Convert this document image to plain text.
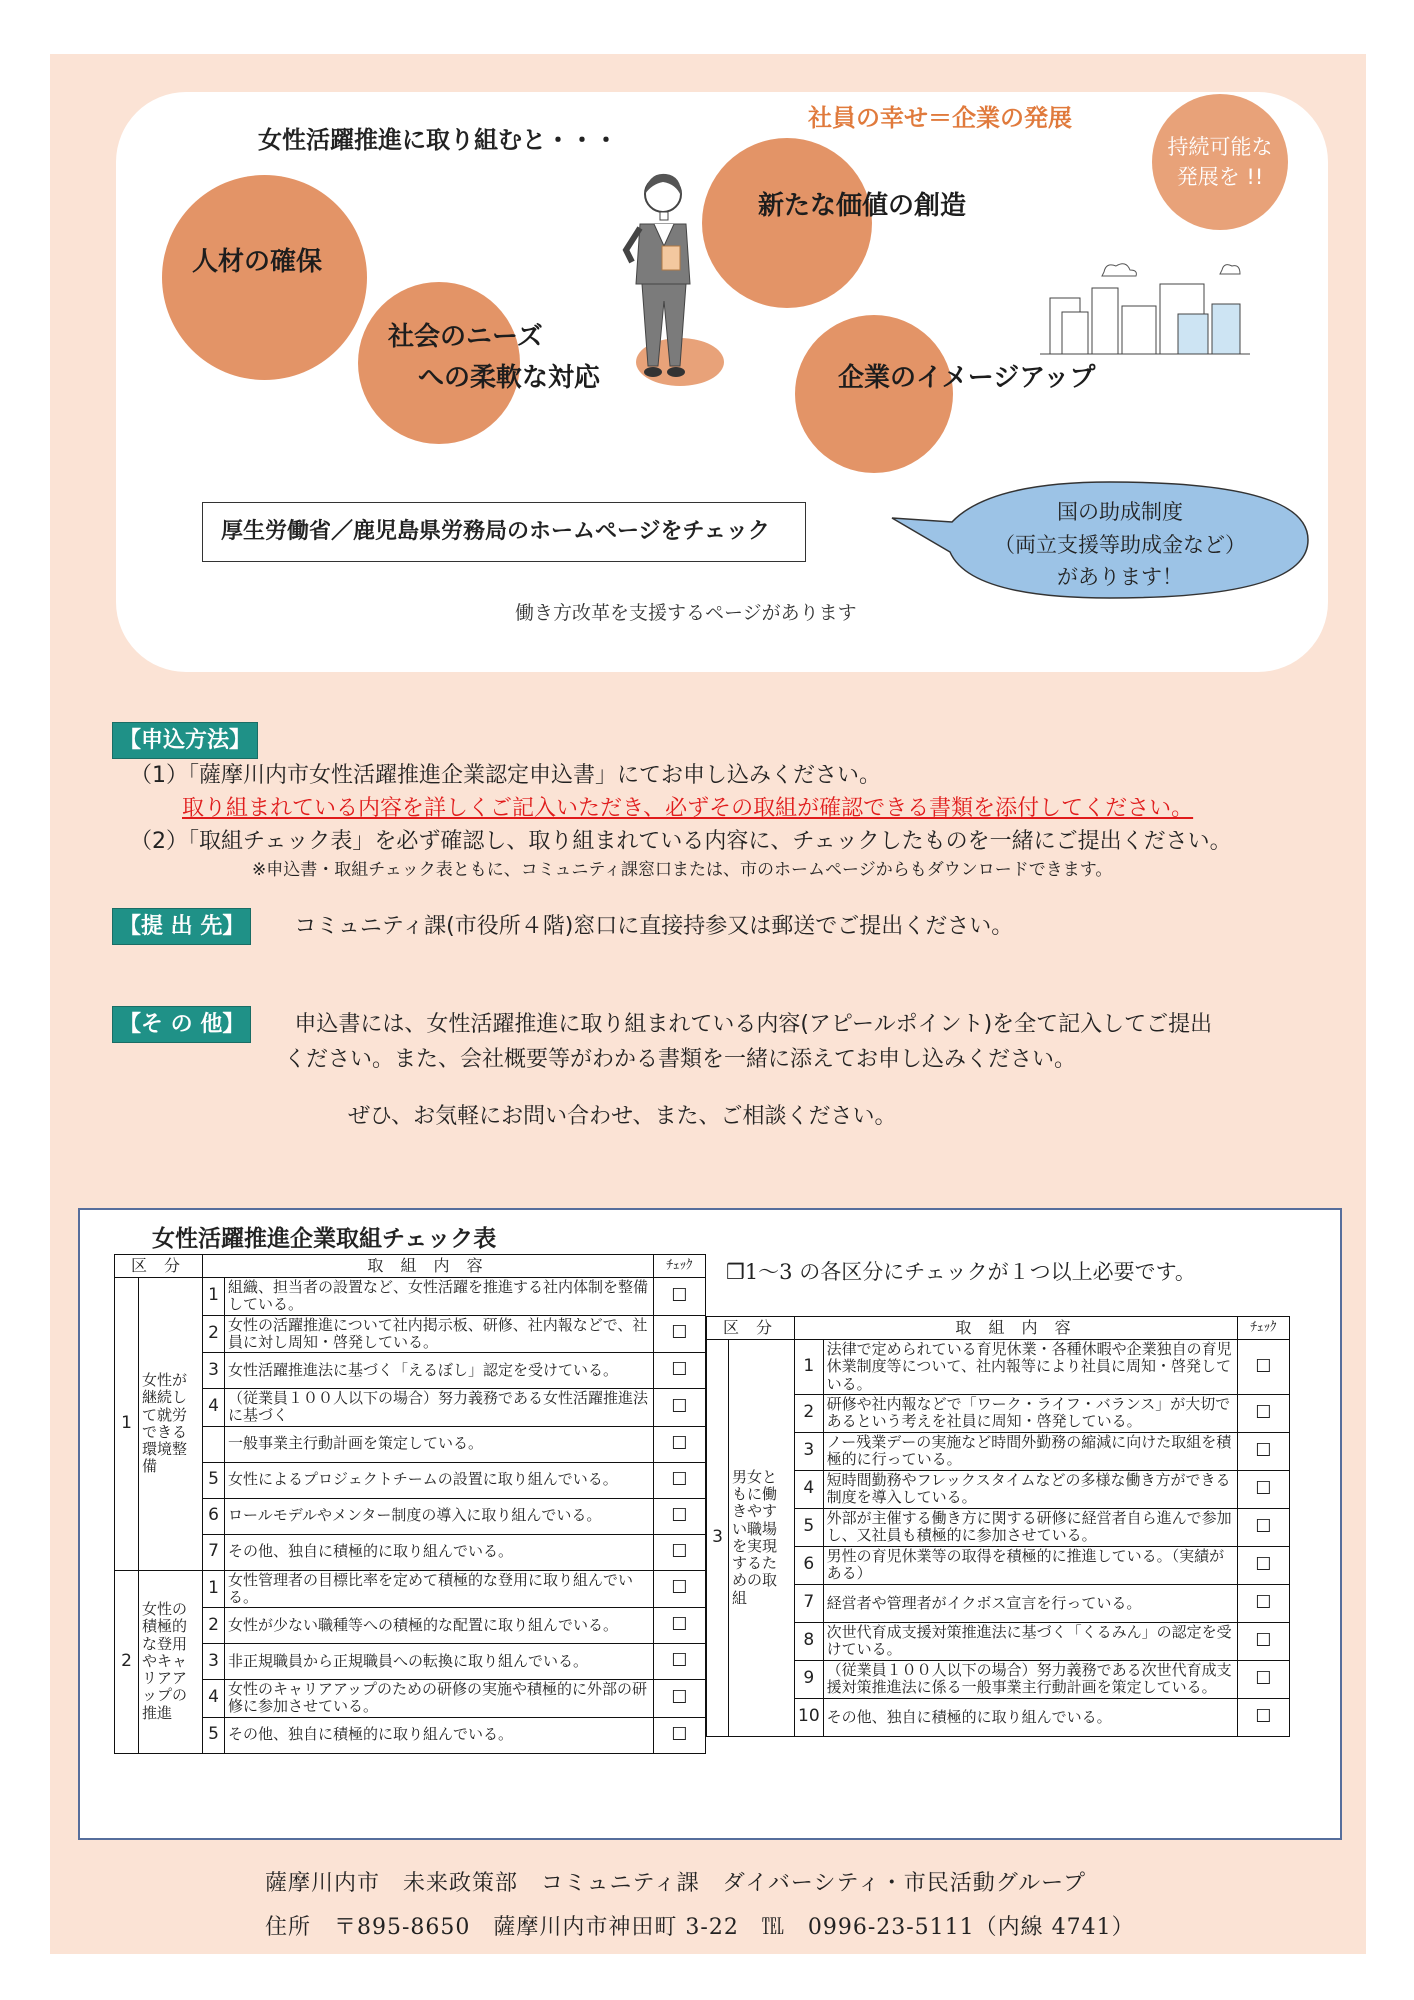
女性活躍推進に取り組むと・・・
社員の幸せ＝企業の発展
持続可能な
発展を !!
人材の確保
社会のニーズ
への柔軟な対応
新たな価値の創造
企業のイメージアップ
厚生労働省／鹿児島県労務局のホームページをチェック
働き方改革を支援するページがあります
国の助成制度
（両立支援等助成金など）
があります！
【申込方法】
（1）「薩摩川内市女性活躍推進企業認定申込書」にてお申し込みください。
取り組まれている内容を詳しくご記入いただき、必ずその取組が確認できる書類を添付してください。
（2）「取組チェック表」を必ず確認し、取り組まれている内容に、チェックしたものを一緒にご提出ください。
※申込書・取組チェック表ともに、コミュニティ課窓口または、市のホームページからもダウンロードできます。
【提 出 先】 コミュニティ課(市役所４階)窓口に直接持参又は郵送でご提出ください。
【そ の 他】 申込書には、女性活躍推進に取り組まれている内容(アピールポイント)を全て記入してご提出
ください。また、会社概要等がわかる書類を一緒に添えてお申し込みください。
ぜひ、お気軽にお問い合わせ、また、ご相談ください。
女性活躍推進企業取組チェック表
❒1～3 の各区分にチェックが１つ以上必要です。
区 分		取 組 内 容		ﾁｪｯｸ
1	女性が継続して就労できる環境整備	1	組織、担当者の設置など、女性活躍を推進する社内体制を整備している。	☐
		2	女性の活躍推進について社内掲示板、研修、社内報などで、社員に対し周知・啓発している。	☐
		3	女性活躍推進法に基づく「えるぼし」認定を受けている。	☐
		4	（従業員１００人以下の場合）努力義務である女性活躍推進法に基づく	☐
			一般事業主行動計画を策定している。	☐
		5	女性によるプロジェクトチームの設置に取り組んでいる。	☐
		6	ロールモデルやメンター制度の導入に取り組んでいる。	☐
		7	その他、独自に積極的に取り組んでいる。	☐
2	女性の積極的な登用やキャリアアップの推進	1	女性管理者の目標比率を定めて積極的な登用に取り組んでいる。	☐
		2	女性が少ない職種等への積極的な配置に取り組んでいる。	☐
		3	非正規職員から正規職員への転換に取り組んでいる。	☐
		4	女性のキャリアアップのための研修の実施や積極的に外部の研修に参加させている。	☐
		5	その他、独自に積極的に取り組んでいる。	☐
区 分		取 組 内 容		ﾁｪｯｸ
3	男女ともに働きやすい職場を実現するための取組	1	法律で定められている育児休業・各種休暇や企業独自の育児休業制度等について、社内報等により社員に周知・啓発している。	☐
		2	研修や社内報などで「ワーク・ライフ・バランス」が大切であるという考えを社員に周知・啓発している。	☐
		3	ノー残業デーの実施など時間外勤務の縮減に向けた取組を積極的に行っている。	☐
		4	短時間勤務やフレックスタイムなどの多様な働き方ができる制度を導入している。	☐
		5	外部が主催する働き方に関する研修に経営者自ら進んで参加し、又社員も積極的に参加させている。	☐
		6	男性の育児休業等の取得を積極的に推進している。（実績がある）	☐
		7	経営者や管理者がイクボス宣言を行っている。	☐
		8	次世代育成支援対策推進法に基づく「くるみん」の認定を受けている。	☐
		9	（従業員１００人以下の場合）努力義務である次世代育成支援対策推進法に係る一般事業主行動計画を策定している。	☐
		10	その他、独自に積極的に取り組んでいる。	☐
薩摩川内市　未来政策部　コミュニティ課　ダイバーシティ・市民活動グループ
住所　〒895-8650　薩摩川内市神田町 3-22　℡　0996-23-5111（内線 4741）
